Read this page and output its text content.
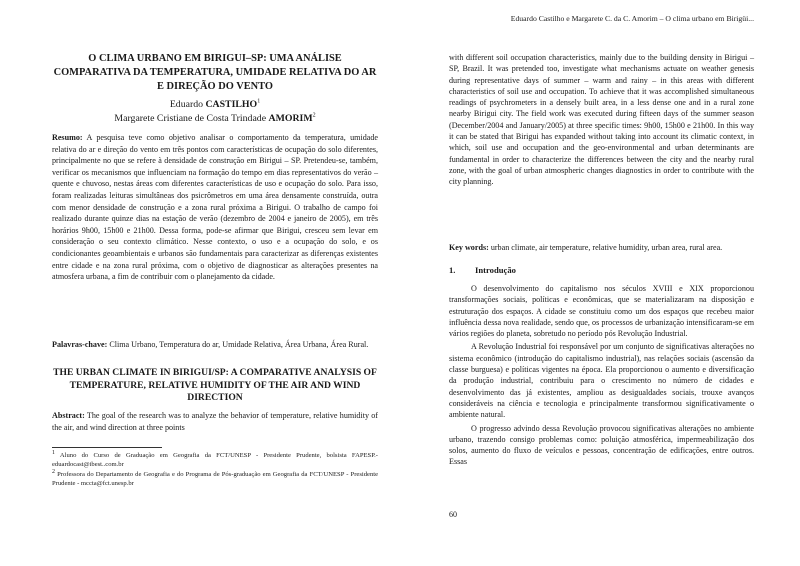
O CLIMA URBANO EM BIRIGUI–SP: UMA ANÁLISE COMPARATIVA DA TEMPERATURA, UMIDADE RELATIVA DO AR E DIREÇÃO DO VENTO
Eduardo CASTILHO$^1$
Margarete Cristiane de Costa Trindade AMORIM$^2$

Resumo: A pesquisa teve como objetivo analisar o comportamento da temperatura, umidade relativa do ar e direção do vento em três pontos com características de ocupação do solo diferentes, principalmente no que se refere à densidade de construção em Birigui – SP. Pretendeu-se, também, verificar os mecanismos que influenciam na formação do tempo em dias representativos do verão – quente e chuvoso, nestas áreas com diferentes características de uso e ocupação do solo. Para isso, foram realizadas leituras simultâneas dos psicrômetros em uma área densamente construída, outra com menor densidade de construção e a zona rural próxima a Birigui. O trabalho de campo foi realizado durante quinze dias na estação de verão (dezembro de 2004 e janeiro de 2005), em três horários 9h00, 15h00 e 21h00. Dessa forma, pode-se afirmar que Birigui, cresceu sem levar em consideração o seu contexto climático. Nesse contexto, o uso e a ocupação do solo, e os condicionantes geoambientais e urbanos são fundamentais para caracterizar as diferenças existentes entre cidade e na zona rural próxima, com o objetivo de diagnosticar as alterações presentes na atmosfera urbana, a fim de contribuir com o planejamento da cidade.

Palavras-chave: Clima Urbano, Temperatura do ar, Umidade Relativa, Área Urbana, Área Rural.

THE URBAN CLIMATE IN BIRIGUI/SP: A COMPARATIVE ANALYSIS OF TEMPERATURE, RELATIVE HUMIDITY OF THE AIR AND WIND DIRECTION

Abstract: The goal of the research was to analyze the behavior of temperature, relative humidity of the air, and wind direction at three points

$^1$ Aluno do Curso de Graduação em Geografia da FCT/UNESP - Presidente Prudente, bolsista FAPESP.- eduardocast@ibest..com.br

$^2$ Professora do Departamento de Geografia e do Programa de Pós-graduação em Geografia da FCT/UNESP - Presidente Prudente - mccta@fct.unesp.br

Eduardo Castilho e Margarete C. da C. Amorim – O clima urbano em Birigüi...

with different soil occupation characteristics, mainly due to the building density in Birigui – SP, Brazil. It was pretended too, investigate what mechanisms actuate on weather genesis during representative days of summer – warm and rainy – in this areas with different characteristics of soil use and occupation. To achieve that it was accomplished simultaneous readings of psychrometers in a densely built area, in a less dense one and in a rural zone nearby Birigui city. The field work was executed during fifteen days of the summer season (December/2004 and January/2005) at three specific times: 9h00, 15h00 e 21h00. In this way it can be stated that Birigui has expanded without taking into account its climatic context, in which, soil use and occupation and the geo-environmental and urban determinants are fundamental in order to characterize the differences between the city and the nearby rural zone, with the goal of urban atmospheric changes diagnostics in order to contribute with the city planning.

Key words: urban climate, air temperature, relative humidity, urban area, rural area.

1. Introdução

O desenvolvimento do capitalismo nos séculos XVIII e XIX proporcionou transformações sociais, políticas e econômicas, que se materializaram na disposição e estruturação dos espaços. A cidade se constituiu como um dos espaços que recebeu maior influência dessa nova realidade, sendo que, os processos de urbanização intensificaram-se em vários regiões do planeta, sobretudo no período pós Revolução Industrial.

A Revolução Industrial foi responsável por um conjunto de significativas alterações no sistema econômico (introdução do capitalismo industrial), nas relações sociais (ascensão da classe burguesa) e políticas vigentes na época. Ela proporcionou o aumento e diversificação da produção industrial, contribuiu para o crescimento no número de cidades e desenvolvimento das já existentes, ampliou as desigualdades sociais, trouxe avanços consideráveis na ciência e tecnologia e principalmente transformou significativamente o ambiente natural.

O progresso advindo dessa Revolução provocou significativas alterações no ambiente urbano, trazendo consigo problemas como: poluição atmosférica, impermeabilização dos solos, aumento do fluxo de veículos e pessoas, concentração de edificações, entre outros. Essas

60
